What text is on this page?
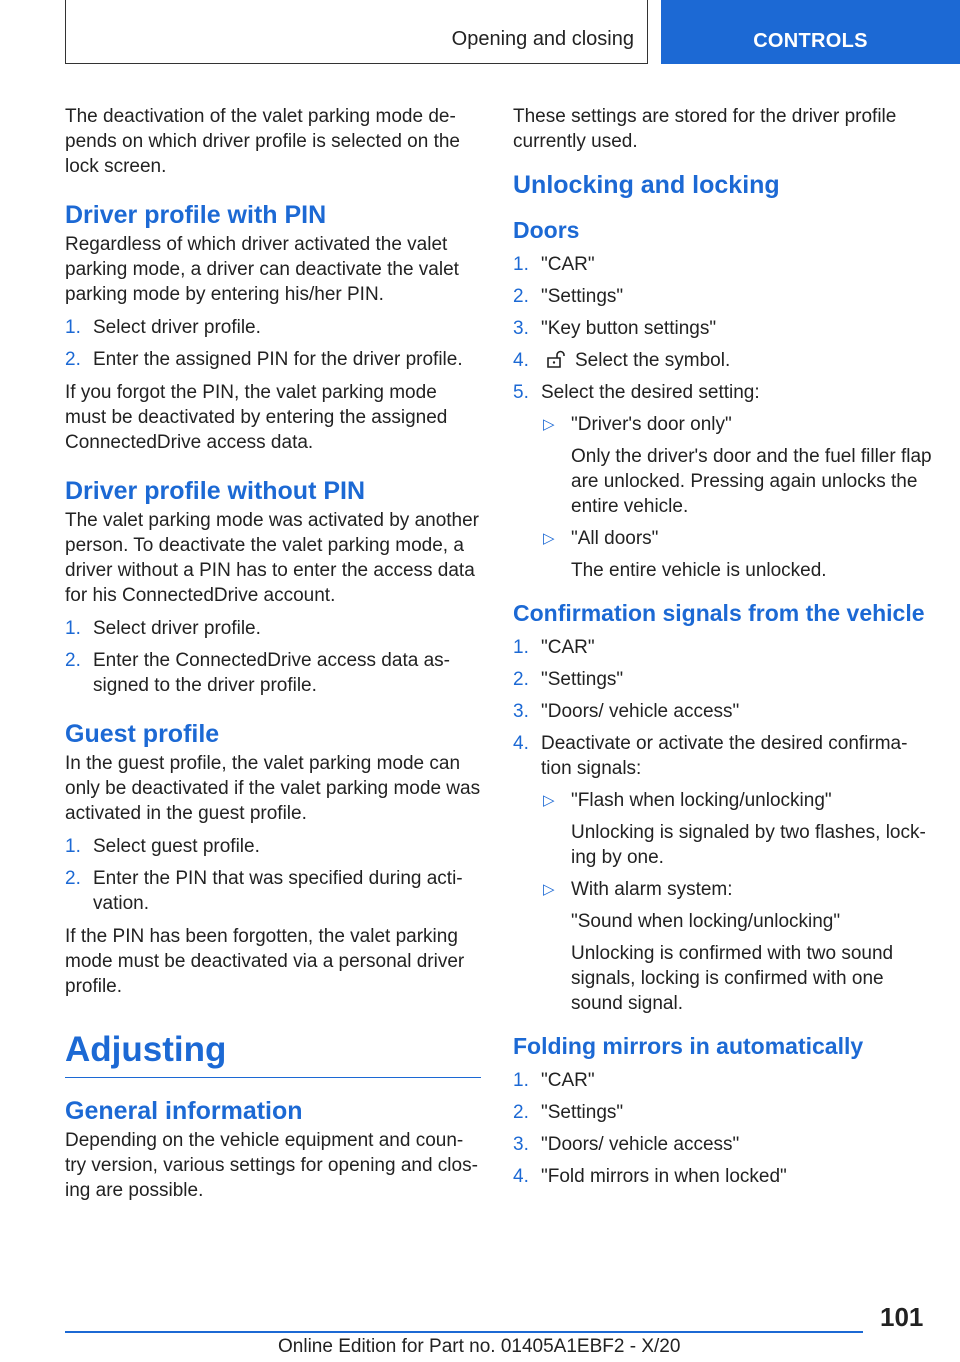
Opening and closing	CONTROLS

The deactivation of the valet parking mode de-pends on which driver profile is selected on the lock screen.

Driver profile with PIN

Regardless of which driver activated the valet parking mode, a driver can deactivate the valet parking mode by entering his/her PIN.

1. Select driver profile.
2. Enter the assigned PIN for the driver profile.

If you forgot the PIN, the valet parking mode must be deactivated by entering the assigned ConnectedDrive access data.

Driver profile without PIN

The valet parking mode was activated by another person. To deactivate the valet parking mode, a driver without a PIN has to enter the access data for his ConnectedDrive account.

1. Select driver profile.
2. Enter the ConnectedDrive access data as-signed to the driver profile.
Guest profile

In the guest profile, the valet parking mode can only be deactivated if the valet parking mode was activated in the guest profile.

1. Select guest profile.
2. Enter the PIN that was specified during acti-vation.

If the PIN has been forgotten, the valet parking mode must be deactivated via a personal driver profile.

Adjusting
General information

Depending on the vehicle equipment and coun-try version, various settings for opening and clos-ing are possible.

These settings are stored for the driver profile currently used.

Unlocking and locking
Doors
1. "CAR"
2. "Settings"
3. "Key button settings"
4. Select the symbol.
5. Select the desired setting:
▷ "Driver's door only"
Only the driver's door and the fuel filler flap are unlocked. Pressing again unlocks the entire vehicle.
▷ "All doors"
The entire vehicle is unlocked.
Confirmation signals from the vehicle
1. "CAR"
2. "Settings"
3. "Doors/ vehicle access"
4. Deactivate or activate the desired confirma-tion signals:
▷ "Flash when locking/unlocking"
Unlocking is signaled by two flashes, lock-ing by one.
▷ With alarm system:
"Sound when locking/unlocking"
Unlocking is confirmed with two sound signals, locking is confirmed with one sound signal.
Folding mirrors in automatically
1. "CAR"
2. "Settings"
3. "Doors/ vehicle access"
4. "Fold mirrors in when locked"
101
Online Edition for Part no. 01405A1EBF2 - X/20
